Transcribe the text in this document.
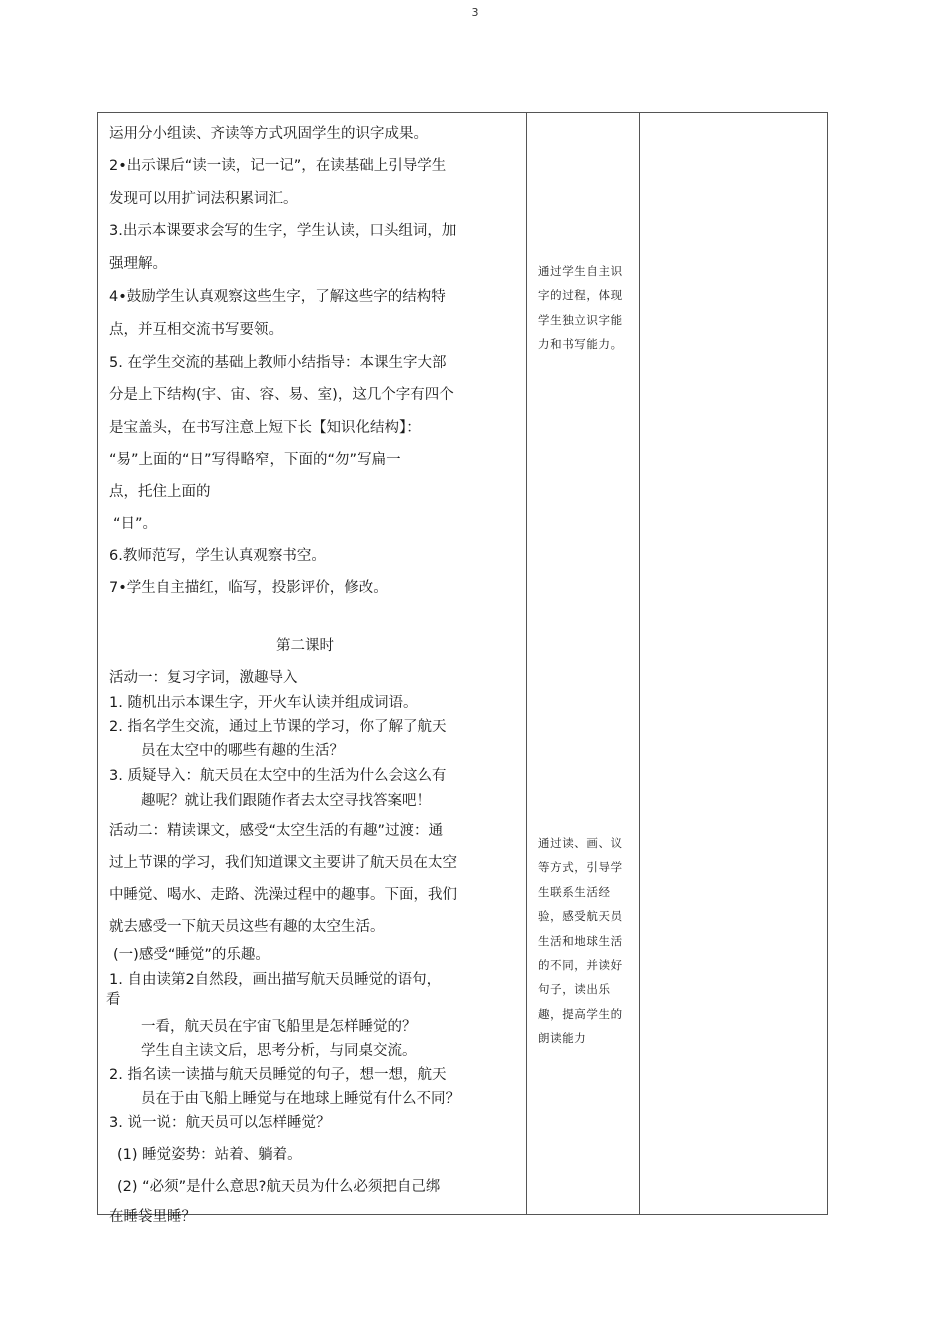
3
运用分小组读、齐读等方式巩固学生的识字成果。
2•出示课后“读一读，记一记”，在读基础上引导学生
发现可以用扩词法积累词汇。
3.出示本课要求会写的生字，学生认读，口头组词，加
强理解。
4•鼓励学生认真观察这些生字，了解这些字的结构特
点，并互相交流书写要领。
5. 在学生交流的基础上教师小结指导：本课生字大部
分是上下结构(宇、宙、容、易、室)，这几个字有四个
是宝盖头，在书写注意上短下长【知识化结构】：
“易”上面的“日”写得略窄，下面的“勿”写扁一
点，托住上面的
“日”。
6.教师范写，学生认真观察书空。
7•学生自主描红，临写，投影评价，修改。
第二课时
活动一：复习字词，激趣导入
1. 随机出示本课生字，开火车认读并组成词语。
2. 指名学生交流，通过上节课的学习，你了解了航天
员在太空中的哪些有趣的生活？
3. 质疑导入：航天员在太空中的生活为什么会这么有
趣呢？就让我们跟随作者去太空寻找答案吧！
活动二：精读课文，感受“太空生活的有趣”过渡：通
过上节课的学习，我们知道课文主要讲了航天员在太空
中睡觉、喝水、走路、洗澡过程中的趣事。下面，我们
就去感受一下航天员这些有趣的太空生活。
(一)感受“睡觉”的乐趣。
1. 自由读第2自然段，画出描写航天员睡觉的语句，
看
一看，航天员在宇宙飞船里是怎样睡觉的？
学生自主读文后，思考分析，与同桌交流。
2. 指名读一读描与航天员睡觉的句子，想一想，航天
员在于由飞船上睡觉与在地球上睡觉有什么不同？
3. 说一说：航天员可以怎样睡觉？
(1) 睡觉姿势：站着、躺着。
(2) “必须”是什么意思?航天员为什么必须把自己绑
在睡袋里睡？
通过学生自主识字的过程，体现学生独立识字能力和书写能力。
通过读、画、议等方式，引导学生联系生活经验，感受航天员生活和地球生活的不同，并读好句子，读出乐趣，提高学生的朗读能力
